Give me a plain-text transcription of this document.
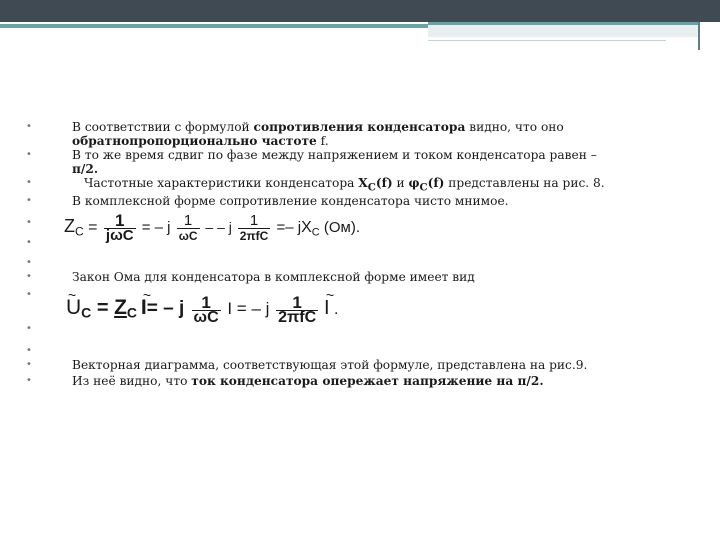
•	В соответствии с формулой сопротивления конденсатора видно, что оно обратнопропорционально частоте f.
•	В то же время сдвиг по фазе между напряжением и током конденсатора равен –
π/2.
•	Частотные характеристики конденсатора $X_C(f)$ и $\varphi_C(f)$ представлены на рис. 8.
•	В комплексной форме сопротивление конденсатора чисто мнимое.
•
•
$Z_C = \frac{1}{\text{jωC}}$ = – j $\frac{1}{\omega C}$ – – j $\frac{1}{\text{2πfC}} =- jX_C$ (Ом).
•
•	Закон Ома для конденсатора в комплексной форме имеет вид
•
•
~ $U_C = Z_C$ ~ I= – j $\frac{1}{\omega C}$ I = – j $\frac{1}{\text{2πfC}}$ ~ I .
•
•	Векторная диаграмма, соответствующая этой формуле, представлена на рис.9.
•	Из неё видно, что ток конденсатора опережает напряжение на π/2.
